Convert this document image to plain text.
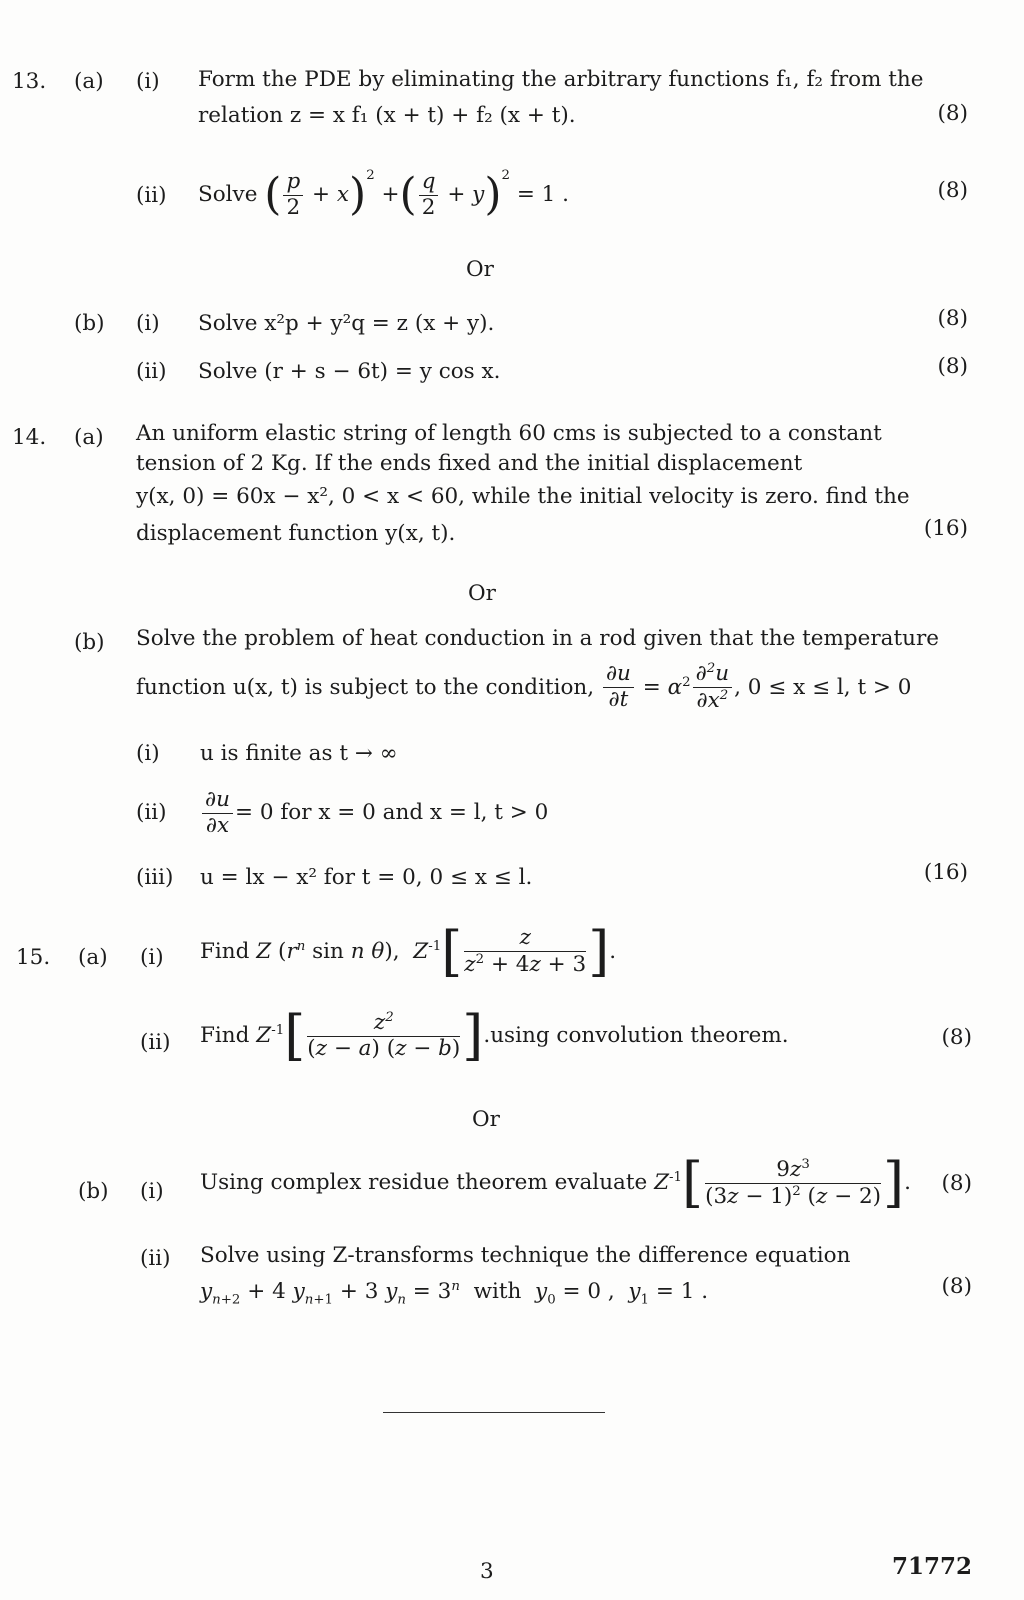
13. (a) (i) Form the PDE by eliminating the arbitrary functions f₁, f₂ from the
relation z = x f₁ (x + t) + f₂ (x + t).	(8)
(ii) Solve
( $\frac{p}{2} + x$ )$^2$
+ ( $\frac{q}{2} + y$ )$^2$
= 1 .	(8)
Or
(b) (i) Solve x²p + y²q = z (x + y).	(8)
(ii) Solve (r + s − 6t) = y cos x.	(8)
14. (a) An uniform elastic string of length 60 cms is subjected to a constant
tension of 2 Kg. If the ends fixed and the initial displacement
y(x, 0) = 60x − x², 0 < x < 60, while the initial velocity is zero. find the
displacement function y(x, t).	(16)
Or
(b) Solve the problem of heat conduction in a rod given that the temperature
function u(x, t) is subject to the condition,
$\frac{\partial u}{\partial t} = \alpha^2 \frac{\partial^2u}{\partial x^2}$ , 0 ≤ x ≤ l, t > 0
(i) u is finite as t → ∞
$(ii) \frac{\partial u}{\partial x} = 0$ for x = 0 and x = l, t > 0
(iii) u = lx − x² for t = 0, 0 ≤ x ≤ l.	(16)
15. (a) (i) Find
Z ($r^n$ sin n θ),  $Z^{-1}$ [ $\frac{z}{z^2 + 4z + 3}$ ] .
(ii) Find
$Z^{-1}$ [ $\frac{z^2}{(z - a) (z - b)}$ ] .using convolution theorem.	(8)
Or
(b) (i) Using complex residue theorem evaluate
$Z^{-1}$ [ $\frac{9z^3}{(3z - 1)^2 (z - 2)}$ ] . (8)
(ii) Solve using Z-transforms technique the difference equation
$y_{n+2} + 4$ $y_{n+1} + 3$ $y_n = 3^n$  with  $y_0 = 0$ ,  $y_1 = 1$ .	(8)
3	71772
